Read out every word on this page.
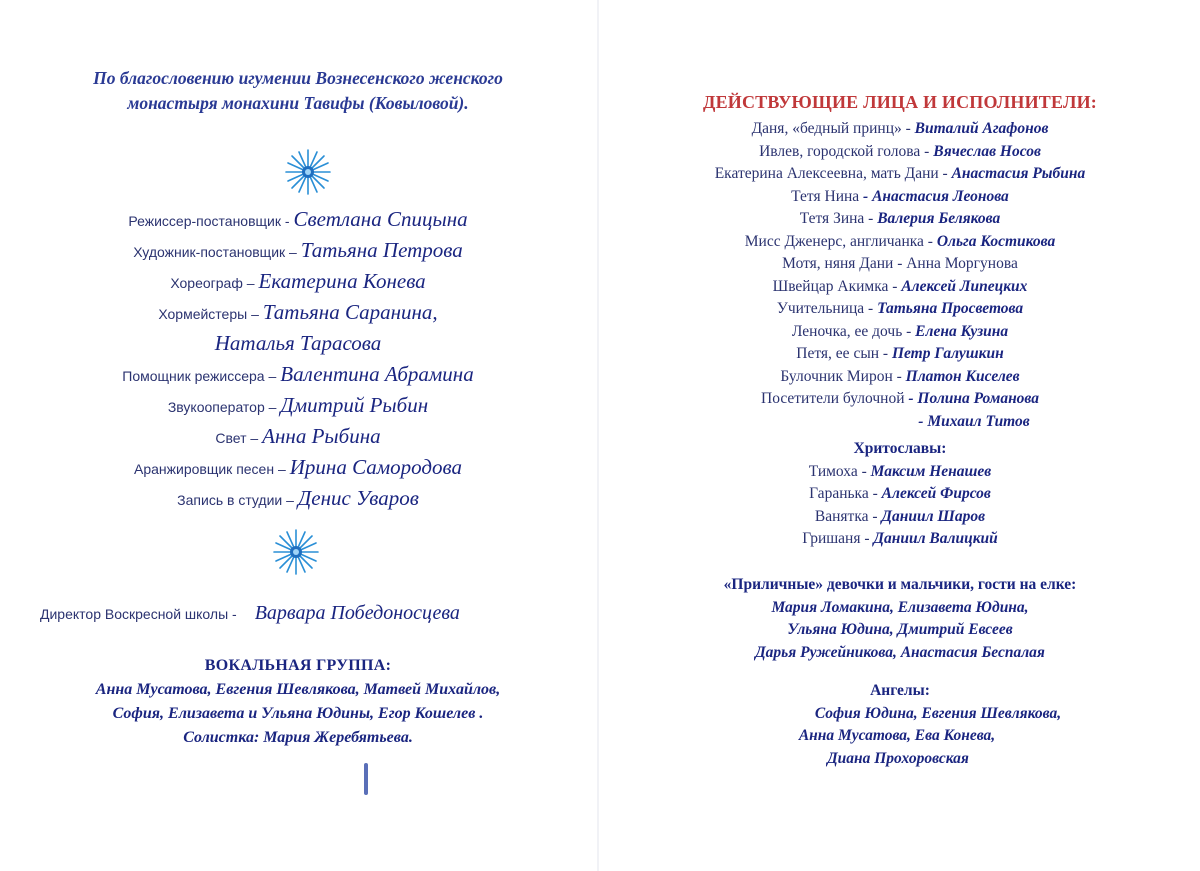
По благословению игумении Вознесенского женского
монастыря монахини Тавифы (Ковыловой).
Режиссер-постановщик - Светлана Спицына
Художник-постановщик – Татьяна Петрова
Хореограф – Екатерина Конева
Хормейстеры – Татьяна Саранина,
Наталья Тарасова
Помощник режиссера – Валентина Абрамина
Звукооператор – Дмитрий Рыбин
Свет – Анна Рыбина
Аранжировщик песен – Ирина Самородова
Запись в студии – Денис Уваров
Директор Воскресной школы - Варвара Победоносцева
ВОКАЛЬНАЯ ГРУППА:
Анна Мусатова, Евгения Шевлякова, Матвей Михайлов,
София, Елизавета и Ульяна Юдины, Егор Кошелев .
Солистка: Мария Жеребятьева.
ДЕЙСТВУЮЩИЕ ЛИЦА И ИСПОЛНИТЕЛИ:
Даня, «бедный принц» - Виталий Агафонов
Ивлев, городской голова - Вячеслав Носов
Екатерина Алексеевна, мать Дани - Анастасия Рыбина
Тетя Нина - Анастасия Леонова
Тетя Зина - Валерия Белякова
Мисс Дженерс, англичанка - Ольга Костикова
Мотя, няня Дани - Анна Моргунова
Швейцар Акимка - Алексей Липецких
Учительница - Татьяна Просветова
Леночка, ее дочь - Елена Кузина
Петя, ее сын - Петр Галушкин
Булочник Мирон - Платон Киселев
Посетители булочной - Полина Романова
- Михаил Титов
Хритославы:
Тимоха - Максим Ненашев
Гаранька - Алексей Фирсов
Ванятка - Даниил Шаров
Гришаня - Даниил Валицкий
«Приличные» девочки и мальчики, гости на елке:
Мария Ломакина, Елизавета Юдина,
Ульяна Юдина, Дмитрий Евсеев
Дарья Ружейникова, Анастасия Беспалая
Ангелы:
София Юдина, Евгения Шевлякова,
Анна Мусатова, Ева Конева,
Диана Прохоровская
